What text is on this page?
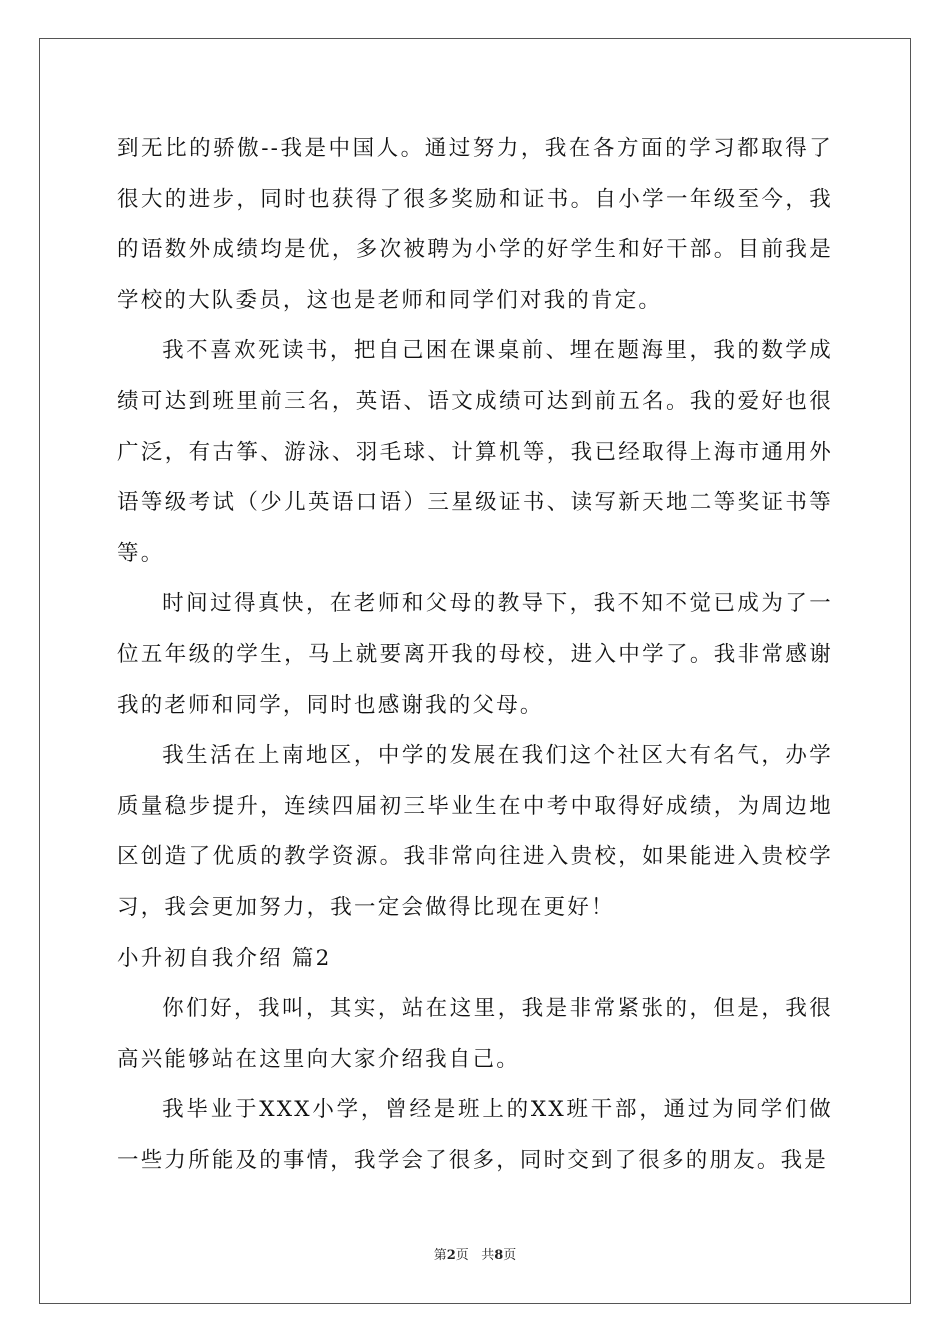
到无比的骄傲--我是中国人。通过努力，我在各方面的学习都取得了很大的进步，同时也获得了很多奖励和证书。自小学一年级至今，我的语数外成绩均是优，多次被聘为小学的好学生和好干部。目前我是学校的大队委员，这也是老师和同学们对我的肯定。

我不喜欢死读书，把自己困在课桌前、埋在题海里，我的数学成绩可达到班里前三名，英语、语文成绩可达到前五名。我的爱好也很广泛，有古筝、游泳、羽毛球、计算机等，我已经取得上海市通用外语等级考试（少儿英语口语）三星级证书、读写新天地二等奖证书等等。

时间过得真快，在老师和父母的教导下，我不知不觉已成为了一位五年级的学生，马上就要离开我的母校，进入中学了。我非常感谢我的老师和同学，同时也感谢我的父母。

我生活在上南地区，中学的发展在我们这个社区大有名气，办学质量稳步提升，连续四届初三毕业生在中考中取得好成绩，为周边地区创造了优质的教学资源。我非常向往进入贵校，如果能进入贵校学习，我会更加努力，我一定会做得比现在更好！

小升初自我介绍 篇2

你们好，我叫，其实，站在这里，我是非常紧张的，但是，我很高兴能够站在这里向大家介绍我自己。

我毕业于XXX小学，曾经是班上的XX班干部，通过为同学们做一些力所能及的事情，我学会了很多，同时交到了很多的朋友。我是

第2页 共8页
